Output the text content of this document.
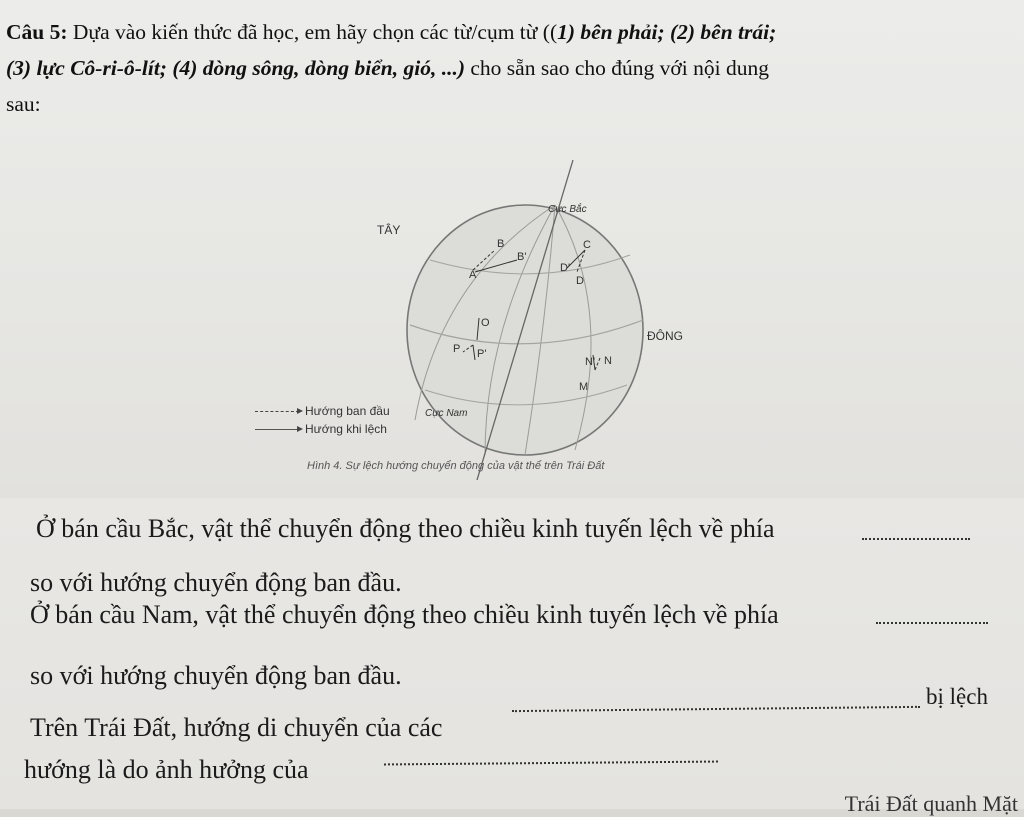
Câu 5: Dựa vào kiến thức đã học, em hãy chọn các từ/cụm từ ((1) bên phải; (2) bên trái;
(3) lực Cô-ri-ô-lít; (4) dòng sông, dòng biển, gió, ...) cho sẵn sao cho đúng với nội dung
sau:
TÂY
ĐÔNG
Cực Bắc
Cực Nam
B
B'
A
C
D'
D
O
P P'
N' N
M
Hướng ban đầu
Hướng khi lệch
Hình 4. Sự lệch hướng chuyển động của vật thể trên Trái Đất
Ở bán cầu Bắc, vật thể chuyển động theo chiều kinh tuyến lệch về phía
so với hướng chuyển động ban đầu.
Ở bán cầu Nam, vật thể chuyển động theo chiều kinh tuyến lệch về phía
so với hướng chuyển động ban đầu.
bị lệch
Trên Trái Đất, hướng di chuyển của các
hướng là do ảnh hưởng của
Trái Đất quanh Mặt
